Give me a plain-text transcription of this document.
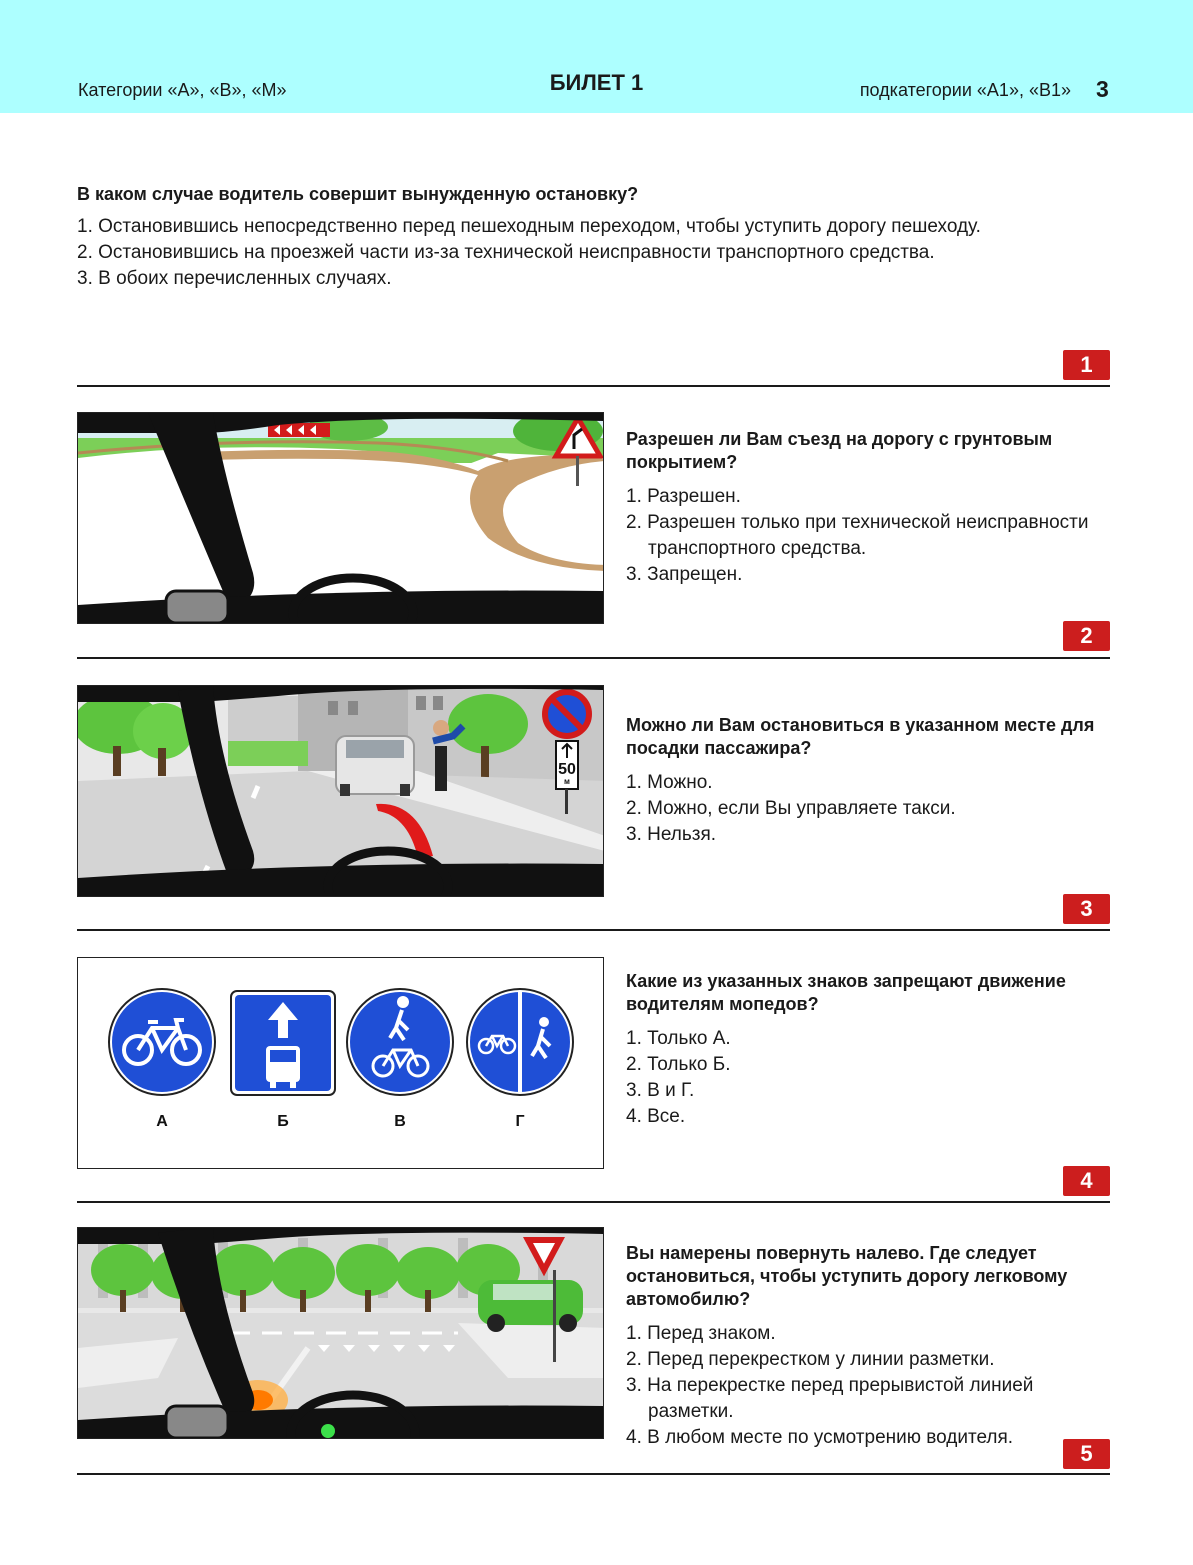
Категории «А», «В», «М»	БИЛЕТ 1	подкатегории «А1», «В1» 3
В каком случае водитель совершит вынужденную остановку?
1. Остановившись непосредственно перед пешеходным переходом, чтобы уступить дорогу пешеходу.
2. Остановившись на проезжей части из-за технической неисправности транспортного средства.
3. В обоих перечисленных случаях.
1
Разрешен ли Вам съезд на дорогу с грунтовым покрытием?
1. Разрешен.
2. Разрешен только при технической неисправности транспортного средства.
3. Запрещен.
2
50
м
Можно ли Вам остановиться в указанном месте для посадки пассажира?
1. Можно.
2. Можно, если Вы управляете такси.
3. Нельзя.
3
А	Б	В	Г
Какие из указанных знаков запрещают движение водителям мопедов?
1. Только А.
2. Только Б.
3. В и Г.
4. Все.
4
Вы намерены повернуть налево. Где следует остановиться, чтобы уступить дорогу легковому автомобилю?
1. Перед знаком.
2. Перед перекрестком у линии разметки.
3. На перекрестке перед прерывистой линией разметки.
4. В любом месте по усмотрению водителя.
5
